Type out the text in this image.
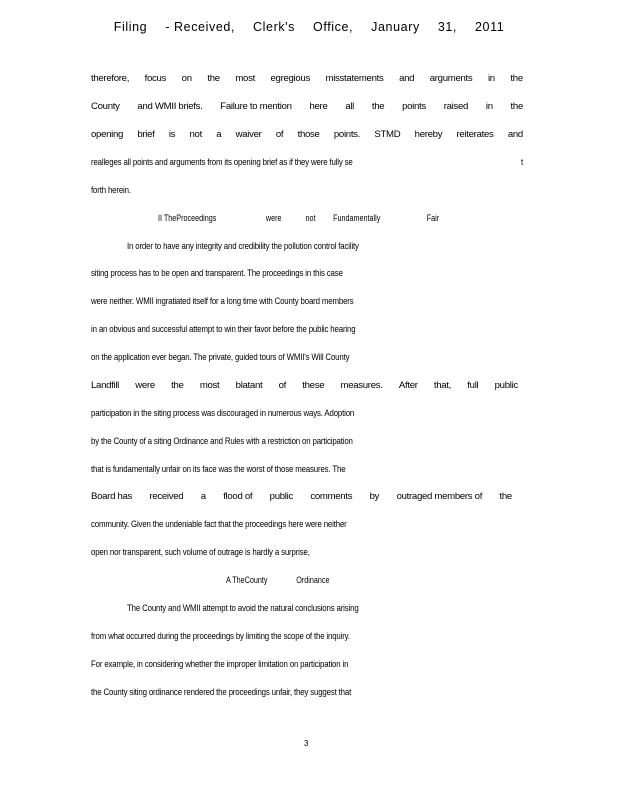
Filing - Received, Clerk's Office, January 31, 2011
therefore, focus on the most egregious misstatements and arguments in the
County and WMII briefs. Failure to mention here all the points raised in the
opening brief is not a waiver of those points. STMD hereby reiterates and
realleges all points and arguments from its opening brief as if they were fully se	t
forth herein.
II TheProceedings	were	not Fundamentally	Fair
In order to have any integrity and credibility the pollution control facility
siting process has to be open and transparent. The proceedings in this case
were neither. WMII ingratiated itself for a long time with County board members
in an obvious and successful attempt to win their favor before the public hearing
on the application ever began. The private, guided tours of WMII's Will County
Landfill were the most blatant of these measures. After that, full public
participation in the siting process was discouraged in numerous ways. Adoption
by the County of a siting Ordinance and Rules with a restriction on participation
that is fundamentally unfair on its face was the worst of those measures. The
Board has received a flood of public comments by outraged members of the
community. Given the undeniable fact that the proceedings here were neither
open nor transparent, such volume of outrage is hardly a surprise,
A TheCounty	Ordinance
The County and WMII attempt to avoid the natural conclusions arising
from what occurred during the proceedings by limiting the scope of the inquiry.
For example, in considering whether the improper limitation on participation in
the County siting ordinance rendered the proceedings unfair, they suggest that
3
